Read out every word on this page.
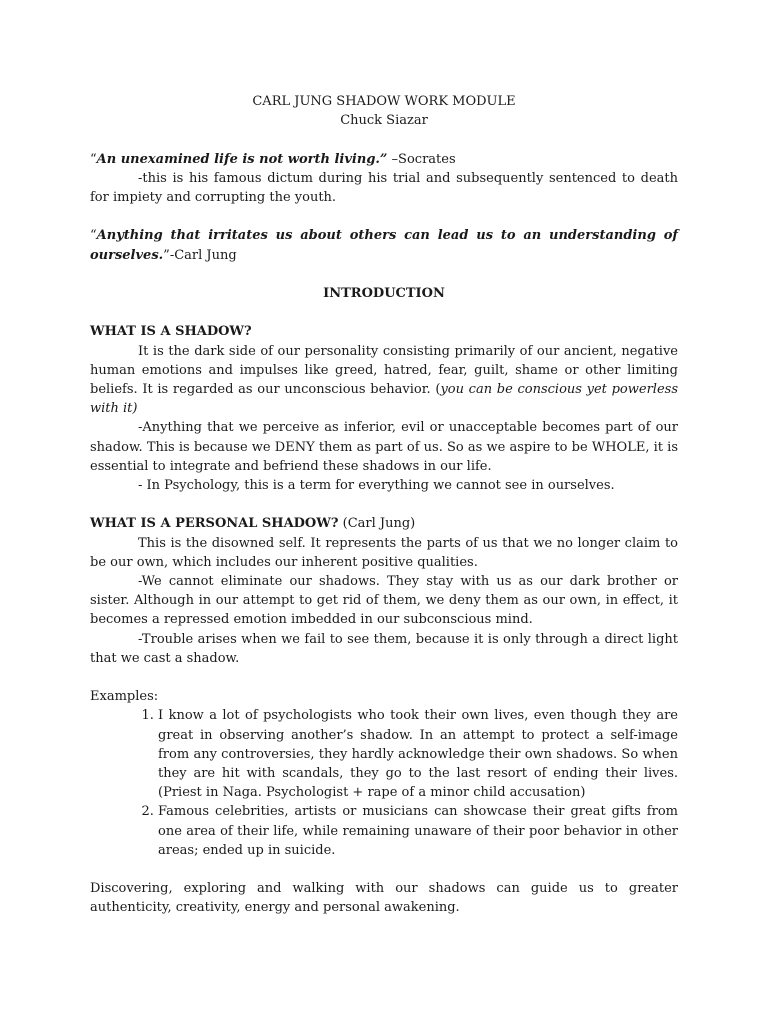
CARL JUNG SHADOW WORK MODULE

Chuck Siazar

“An unexamined life is not worth living.” –Socrates

-this is his famous dictum during his trial and subsequently sentenced to death for impiety and corrupting the youth.

“Anything that irritates us about others can lead us to an understanding of ourselves.”-Carl Jung

INTRODUCTION

WHAT IS A SHADOW?

It is the dark side of our personality consisting primarily of our ancient, negative human emotions and impulses like greed, hatred, fear, guilt, shame or other limiting beliefs. It is regarded as our unconscious behavior. (you can be conscious yet powerless with it)

-Anything that we perceive as inferior, evil or unacceptable becomes part of our shadow. This is because we DENY them as part of us. So as we aspire to be WHOLE, it is essential to integrate and befriend these shadows in our life.

- In Psychology, this is a term for everything we cannot see in ourselves.

WHAT IS A PERSONAL SHADOW? (Carl Jung)

This is the disowned self. It represents the parts of us that we no longer claim to be our own, which includes our inherent positive qualities.

-We cannot eliminate our shadows. They stay with us as our dark brother or sister. Although in our attempt to get rid of them, we deny them as our own, in effect, it becomes a repressed emotion imbedded in our subconscious mind.

-Trouble arises when we fail to see them, because it is only through a direct light that we cast a shadow.

Examples:

1. I know a lot of psychologists who took their own lives, even though they are great in observing another’s shadow. In an attempt to protect a self-image from any controversies, they hardly acknowledge their own shadows. So when they are hit with scandals, they go to the last resort of ending their lives. (Priest in Naga. Psychologist + rape of a minor child accusation)
2. Famous celebrities, artists or musicians can showcase their great gifts from one area of their life, while remaining unaware of their poor behavior in other areas; ended up in suicide.

Discovering, exploring and walking with our shadows can guide us to greater authenticity, creativity, energy and personal awakening.
